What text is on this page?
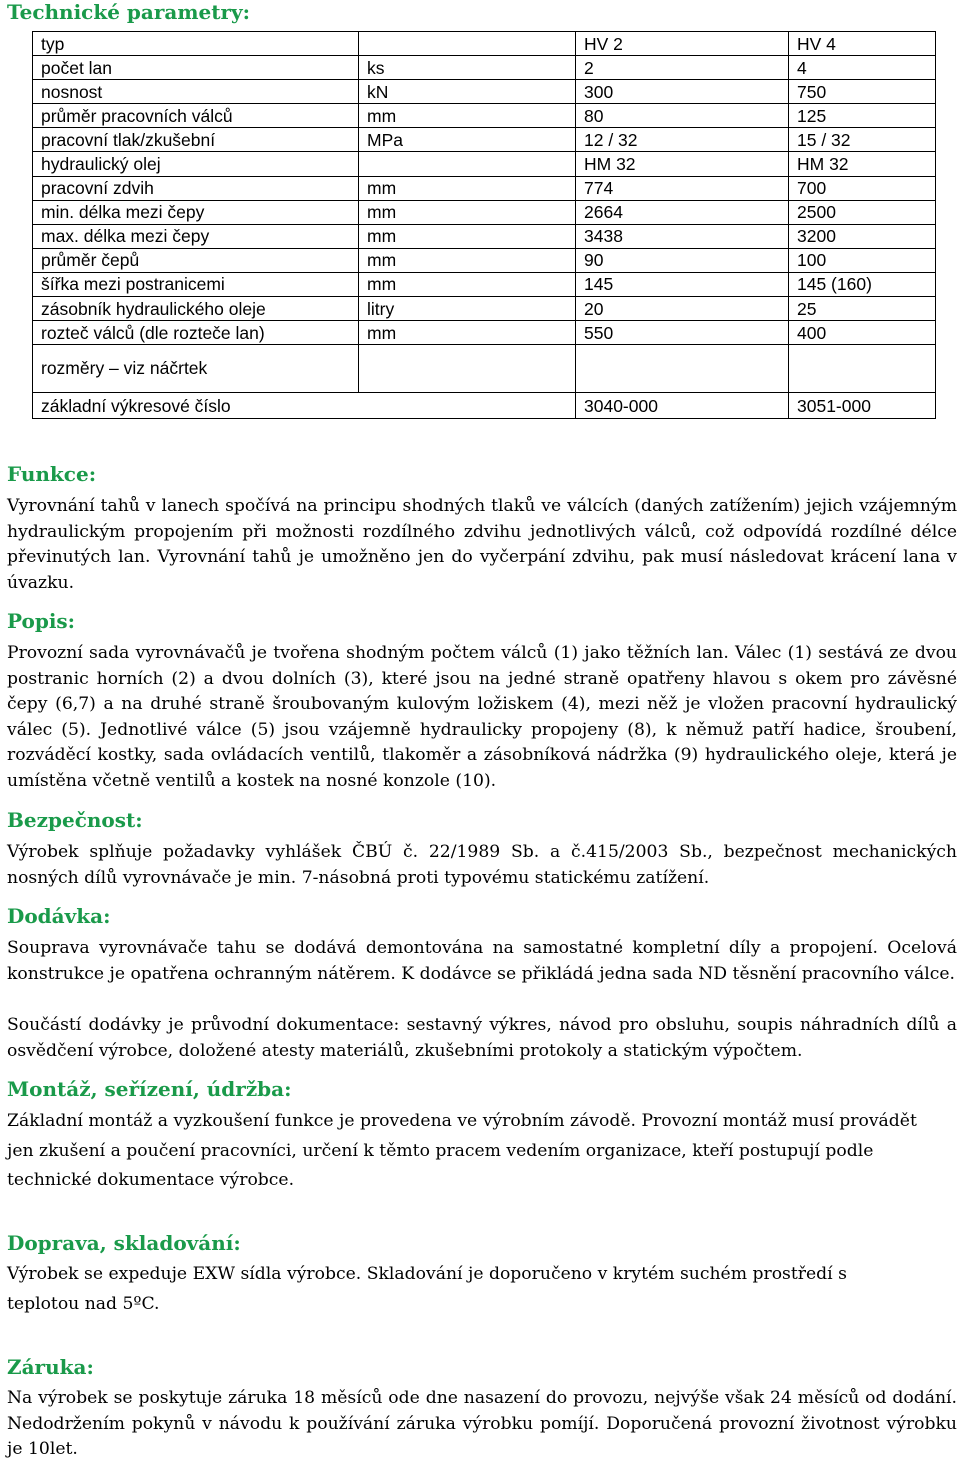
Technické parametry:
typ		HV 2	HV 4
počet lan	ks	2	4
nosnost	kN	300	750
průměr pracovních válců	mm	80	125
pracovní tlak/zkušební	MPa	12 / 32	15 / 32
hydraulický olej		HM 32	HM 32
pracovní zdvih	mm	774	700
min. délka mezi čepy	mm	2664	2500
max. délka mezi čepy	mm	3438	3200
průměr čepů	mm	90	100
šířka mezi postranicemi	mm	145	145 (160)
zásobník hydraulického oleje	litry	20	25
rozteč válců (dle rozteče lan)	mm	550	400
rozměry – viz náčrtek			
základní výkresové číslo		3040-000	3051-000
Funkce:

Vyrovnání tahů v lanech spočívá na principu shodných tlaků ve válcích (daných zatížením) jejich vzájemným hydraulickým propojením při možnosti rozdílného zdvihu jednotlivých válců, což odpovídá rozdílné délce převinutých lan. Vyrovnání tahů je umožněno jen do vyčerpání zdvihu, pak musí následovat krácení lana v úvazku.

Popis:

Provozní sada vyrovnávačů je tvořena shodným počtem válců (1) jako těžních lan. Válec (1) sestává ze dvou postranic horních (2) a dvou dolních (3), které jsou na jedné straně opatřeny hlavou s okem pro závěsné čepy (6,7) a na druhé straně šroubovaným kulovým ložiskem (4), mezi něž je vložen pracovní hydraulický válec (5). Jednotlivé válce (5) jsou vzájemně hydraulicky propojeny (8), k němuž patří hadice, šroubení, rozváděcí kostky, sada ovládacích ventilů, tlakoměr a zásobníková nádržka (9) hydraulického oleje, která je umístěna včetně ventilů a kostek na nosné konzole (10).

Bezpečnost:

Výrobek splňuje požadavky vyhlášek ČBÚ č. 22/1989 Sb. a č.415/2003 Sb., bezpečnost mechanických nosných dílů vyrovnávače je min. 7-násobná proti typovému statickému zatížení.

Dodávka:

Souprava vyrovnávače tahu se dodává demontována na samostatné kompletní díly a propojení. Ocelová konstrukce je opatřena ochranným nátěrem. K dodávce se přikládá jedna sada ND těsnění pracovního válce.

Součástí dodávky je průvodní dokumentace: sestavný výkres, návod pro obsluhu, soupis náhradních dílů a osvědčení výrobce, doložené atesty materiálů, zkušebními protokoly a statickým výpočtem.

Montáž, seřízení, údržba:

Základní montáž a vyzkoušení funkce je provedena ve výrobním závodě. Provozní montáž musí provádět jen zkušení a poučení pracovníci, určení k těmto pracem vedením organizace, kteří postupují podle technické dokumentace výrobce.

Doprava, skladování:

Výrobek se expeduje EXW sídla výrobce. Skladování je doporučeno v krytém suchém prostředí s teplotou nad 5ºC.

Záruka:

Na výrobek se poskytuje záruka 18 měsíců ode dne nasazení do provozu, nejvýše však 24 měsíců od dodání. Nedodržením pokynů v návodu k používání záruka výrobku pomíjí. Doporučená provozní životnost výrobku je 10let.
